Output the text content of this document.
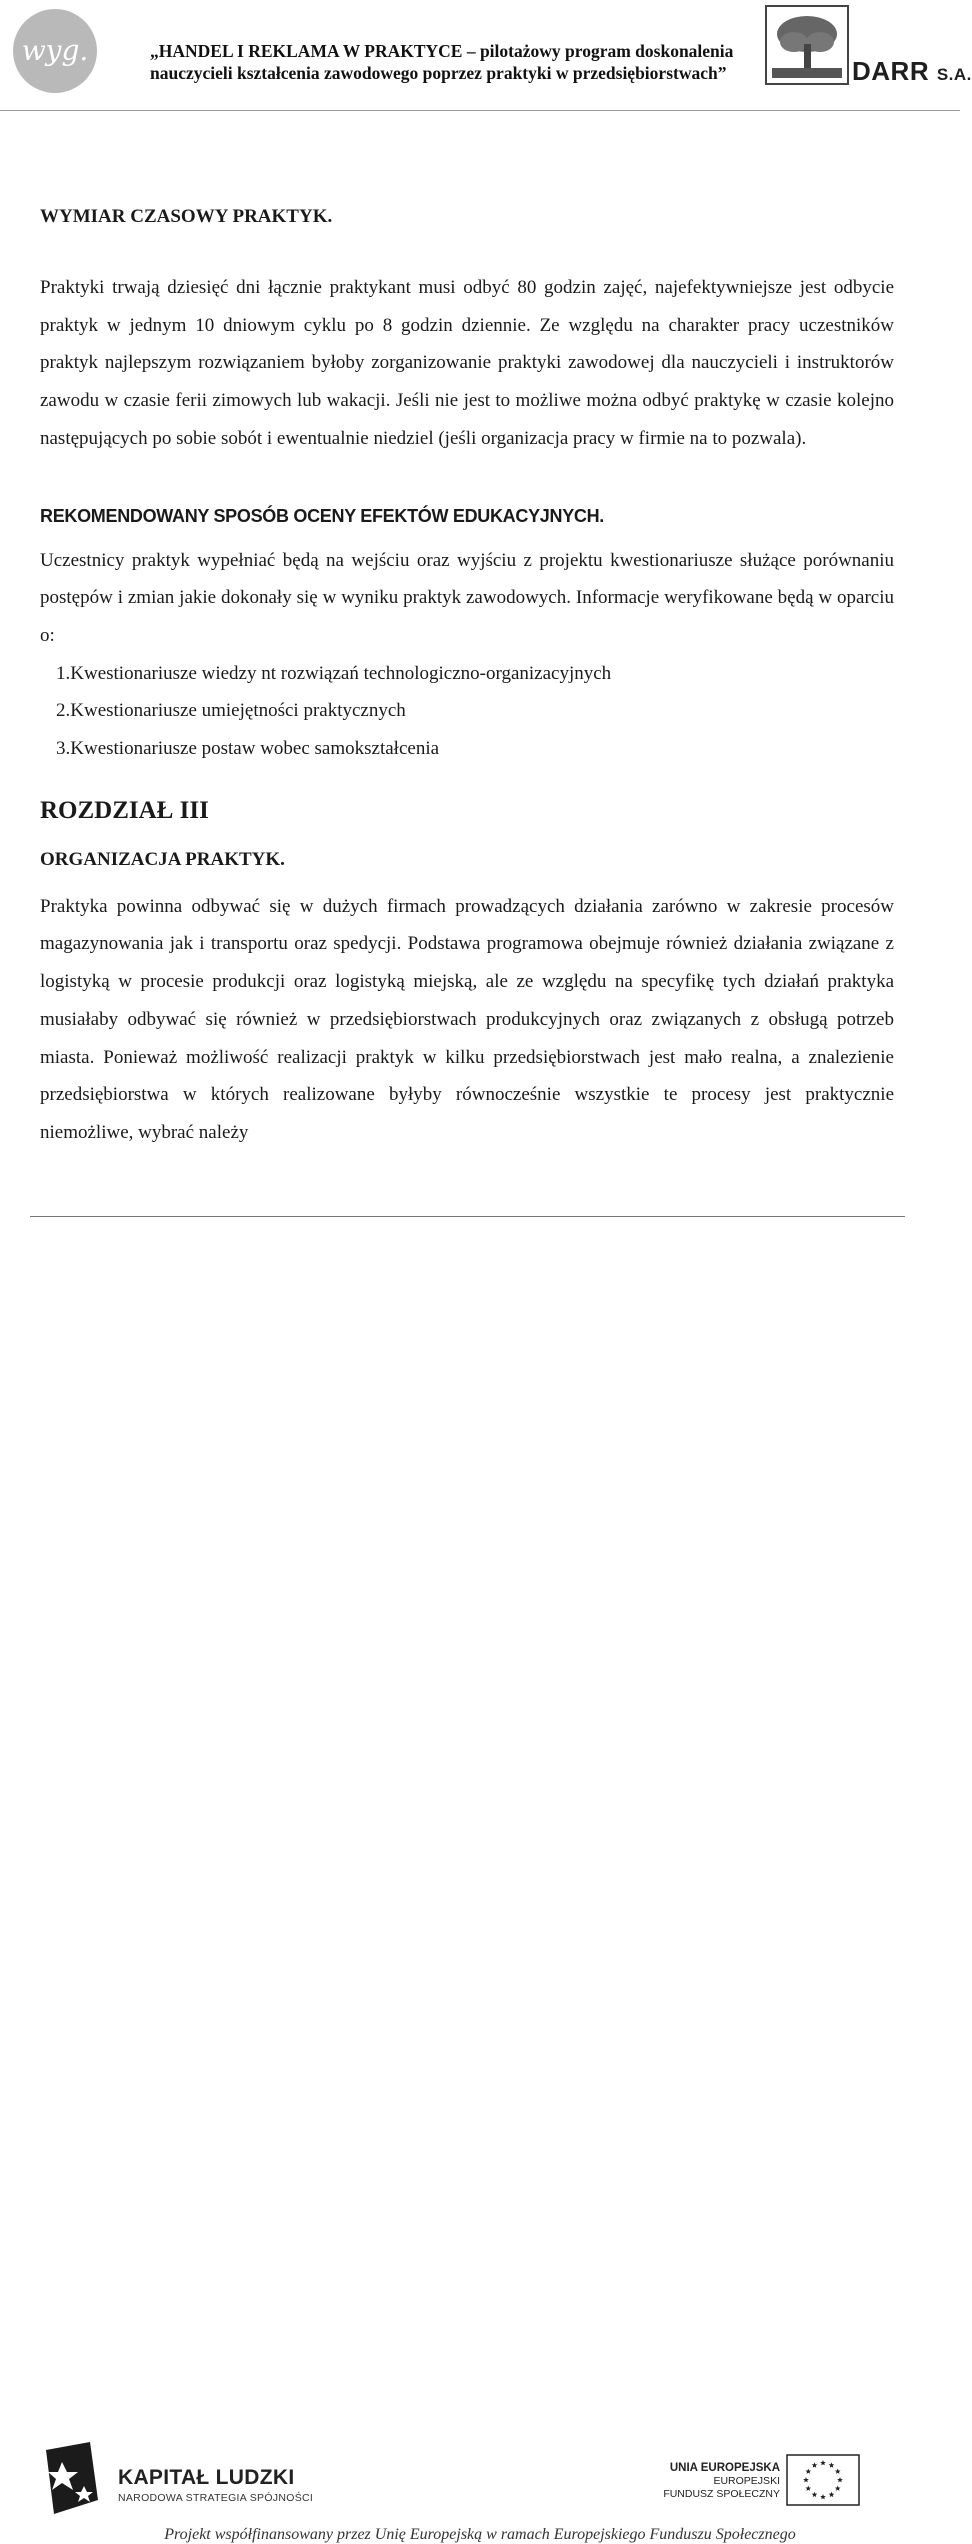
wyg.	„HANDEL I REKLAMA W PRAKTYCE – pilotażowy program doskonalenia
nauczycieli kształcenia zawodowego poprzez praktyki w przedsiębiorstwach”	DARR S.A.
WYMIAR CZASOWY PRAKTYK.

Praktyki trwają dziesięć dni łącznie praktykant musi odbyć 80 godzin zajęć, najefektywniejsze jest odbycie praktyk w jednym 10 dniowym cyklu po 8 godzin dziennie. Ze względu na charakter pracy uczestników praktyk najlepszym rozwiązaniem byłoby zorganizowanie praktyki zawodowej dla nauczycieli i instruktorów zawodu w czasie ferii zimowych lub wakacji. Jeśli nie jest to możliwe można odbyć praktykę w czasie kolejno następujących po sobie sobót i ewentualnie niedziel (jeśli organizacja pracy w firmie na to pozwala).

REKOMENDOWANY SPOSÓB OCENY EFEKTÓW EDUKACYJNYCH.

Uczestnicy praktyk wypełniać będą na wejściu oraz wyjściu z projektu kwestionariusze służące porównaniu postępów i zmian jakie dokonały się w wyniku praktyk zawodowych. Informacje weryfikowane będą w oparciu o:

1.Kwestionariusze wiedzy nt rozwiązań technologiczno-organizacyjnych
2.Kwestionariusze umiejętności praktycznych
3.Kwestionariusze postaw wobec samokształcenia
ROZDZIAŁ III
ORGANIZACJA PRAKTYK.

Praktyka powinna odbywać się w dużych firmach prowadzących działania zarówno w zakresie procesów magazynowania jak i transportu oraz spedycji. Podstawa programowa obejmuje również działania związane z logistyką w procesie produkcji oraz logistyką miejską, ale ze względu na specyfikę tych działań praktyka musiałaby odbywać się również w przedsiębiorstwach produkcyjnych oraz związanych z obsługą potrzeb miasta. Ponieważ możliwość realizacji praktyk w kilku przedsiębiorstwach jest mało realna, a znalezienie przedsiębiorstwa w których realizowane byłyby równocześnie wszystkie te procesy jest praktycznie niemożliwe, wybrać należy

KAPITAŁ LUDZKI
NARODOWA STRATEGIA SPÓJNOŚCI
UNIA EUROPEJSKA
EUROPEJSKI
FUNDUSZ SPOŁECZNY
Projekt współfinansowany przez Unię Europejską w ramach Europejskiego Funduszu Społecznego
